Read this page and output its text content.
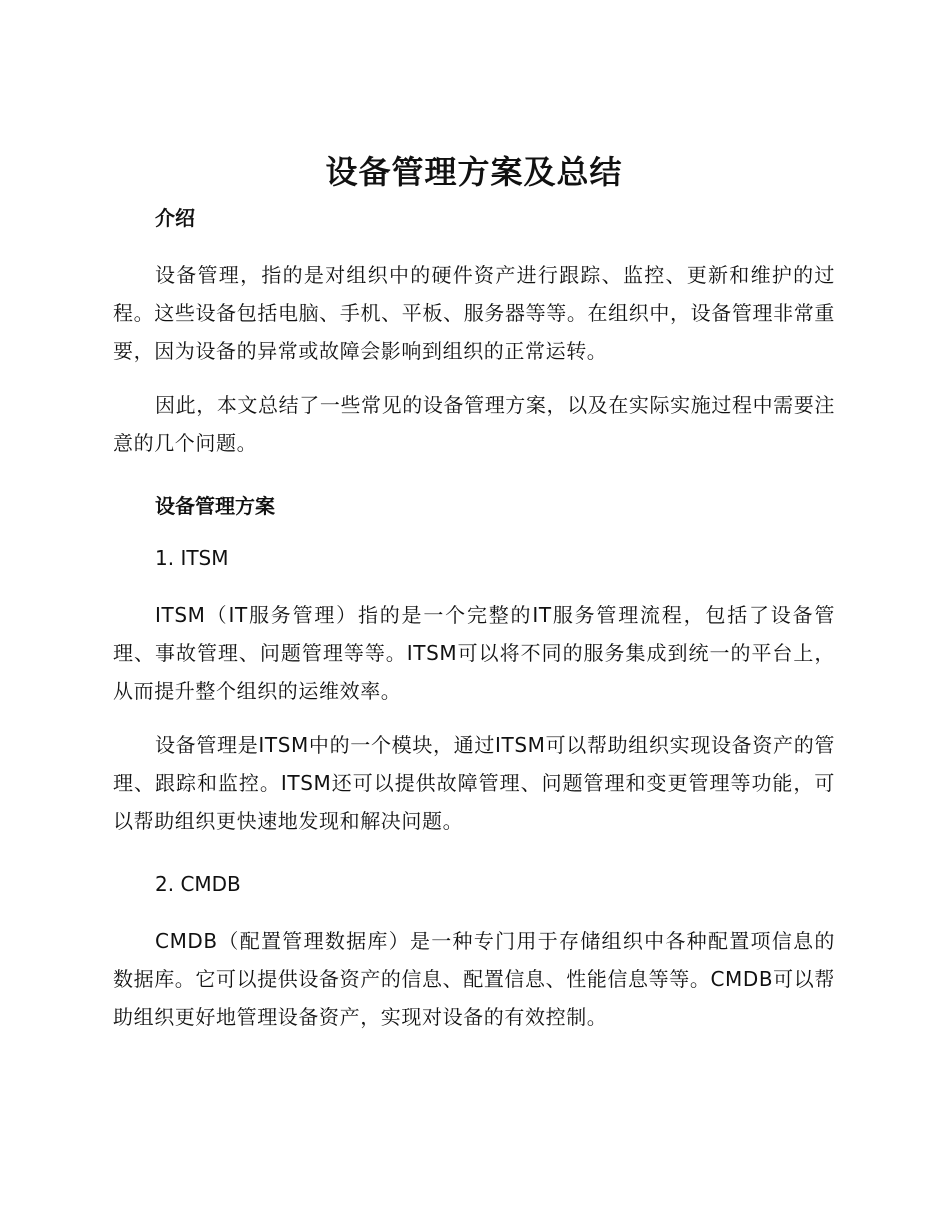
设备管理方案及总结
介绍

设备管理，指的是对组织中的硬件资产进行跟踪、监控、更新和维护的过程。这些设备包括电脑、手机、平板、服务器等等。在组织中，设备管理非常重要，因为设备的异常或故障会影响到组织的正常运转。

因此，本文总结了一些常见的设备管理方案，以及在实际实施过程中需要注意的几个问题。

设备管理方案
1. ITSM

ITSM（IT服务管理）指的是一个完整的IT服务管理流程，包括了设备管理、事故管理、问题管理等等。ITSM可以将不同的服务集成到统一的平台上，从而提升整个组织的运维效率。

设备管理是ITSM中的一个模块，通过ITSM可以帮助组织实现设备资产的管理、跟踪和监控。ITSM还可以提供故障管理、问题管理和变更管理等功能，可以帮助组织更快速地发现和解决问题。

2. CMDB

CMDB（配置管理数据库）是一种专门用于存储组织中各种配置项信息的数据库。它可以提供设备资产的信息、配置信息、性能信息等等。CMDB可以帮助组织更好地管理设备资产，实现对设备的有效控制。
